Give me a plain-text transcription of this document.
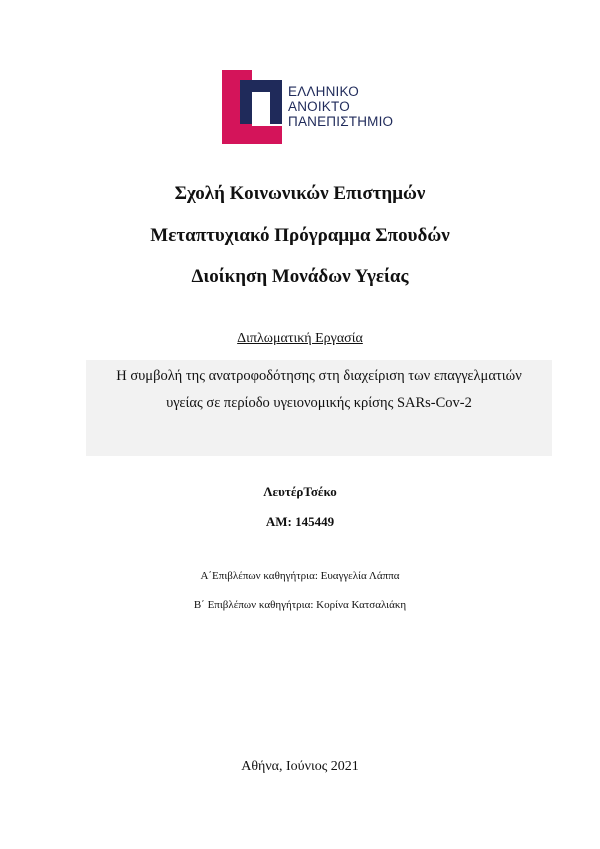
ΕΛΛΗΝΙΚΟ
ΑΝΟΙΚΤΟ
ΠΑΝΕΠΙΣΤΗΜΙΟ
Σχολή Κοινωνικών Επιστημών
Μεταπτυχιακό Πρόγραμμα Σπουδών
Διοίκηση Μονάδων Υγείας
Διπλωματική Εργασία
Η συμβολή της ανατροφοδότησης στη διαχείριση των επαγγελματιών
υγείας σε περίοδο υγειονομικής κρίσης SARs-Cov-2
ΛευτέρΤσέκο
ΑΜ: 145449
Α΄Επιβλέπων καθηγήτρια: Ευαγγελία Λάππα
Β΄ Επιβλέπων καθηγήτρια: Κορίνα Κατσαλιάκη
Αθήνα, Ιούνιος 2021
